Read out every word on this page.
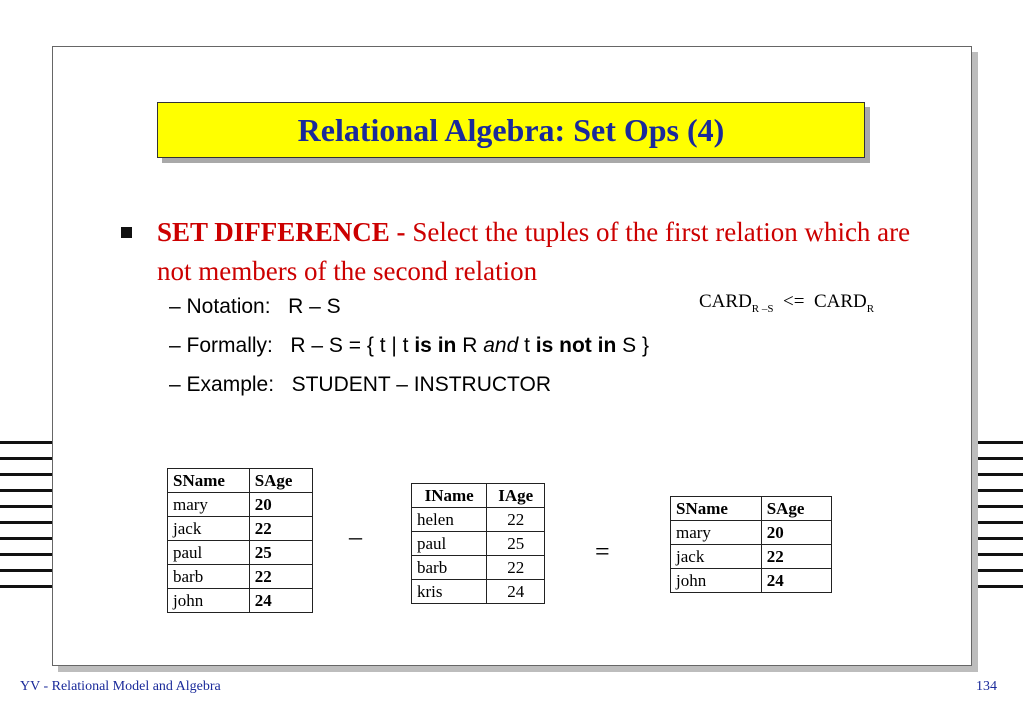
Relational Algebra: Set Ops (4)
SET DIFFERENCE - Select the tuples of the first relation which are not members of the second relation
– Notation: R – S	$CARD_{R -S}$ <= $CARD_R$
– Formally: R – S = { t | t is in R and t is not in S }
– Example: STUDENT – INSTRUCTOR
SName	SAge
mary	20
jack	22
paul	25
barb	22
john	24
–
IName	IAge
helen	22
paul	25
barb	22
kris	24
=
SName	SAge
mary	20
jack	22
john	24
YV - Relational Model and Algebra	134
